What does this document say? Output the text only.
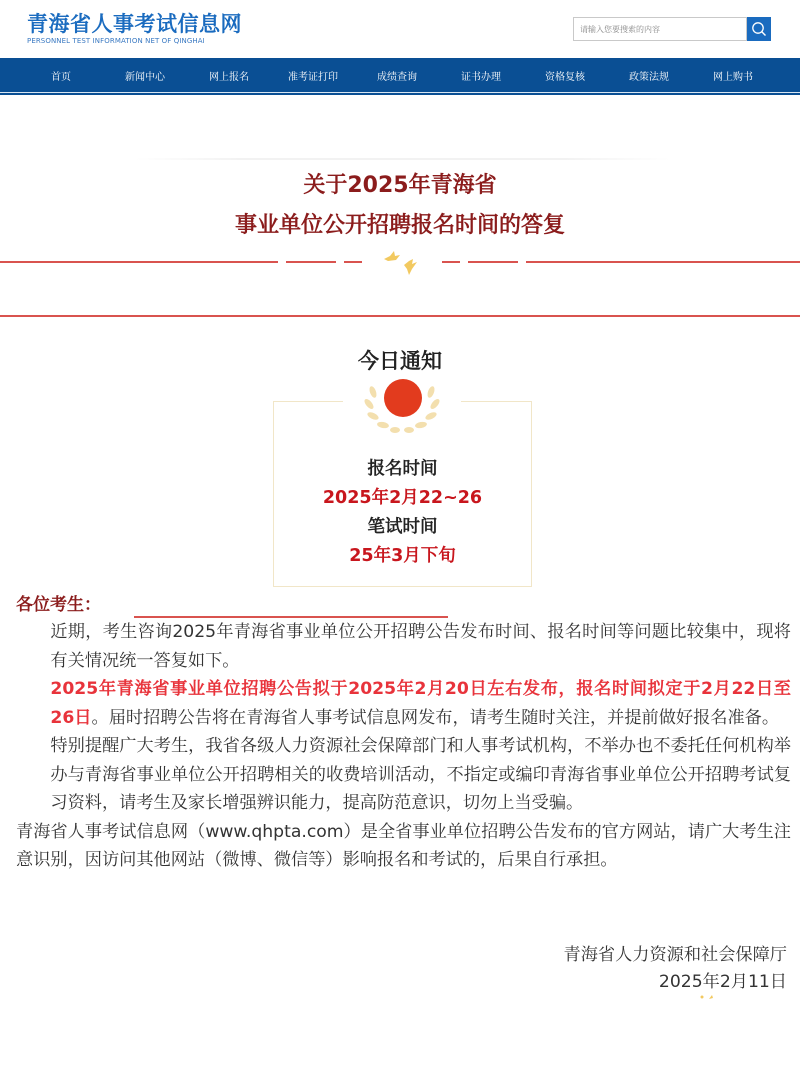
青海省人事考试信息网
PERSONNEL TEST INFORMATION NET OF QINGHAI
请输入您要搜索的内容
首页	新闻中心	网上报名	准考证打印	成绩查询	证书办理	资格复核	政策法规	网上购书
关于2025年青海省
事业单位公开招聘报名时间的答复
今日通知
报名时间
2025年2月22~26
笔试时间
25年3月下旬
各位考生：

近期，考生咨询2025年青海省事业单位公开招聘公告发布时间、报名时间等问题比较集中，现将有关情况统一答复如下。

2025年青海省事业单位招聘公告拟于2025年2月20日左右发布，报名时间拟定于2月22日至26日。届时招聘公告将在青海省人事考试信息网发布，请考生随时关注，并提前做好报名准备。

特别提醒广大考生，我省各级人力资源社会保障部门和人事考试机构，不举办也不委托任何机构举办与青海省事业单位公开招聘相关的收费培训活动，不指定或编印青海省事业单位公开招聘考试复习资料，请考生及家长增强辨识能力，提高防范意识，切勿上当受骗。

青海省人事考试信息网（www.qhpta.com）是全省事业单位招聘公告发布的官方网站，请广大考生注意识别，因访问其他网站（微博、微信等）影响报名和考试的，后果自行承担。

青海省人力资源和社会保障厅
2025年2月11日
